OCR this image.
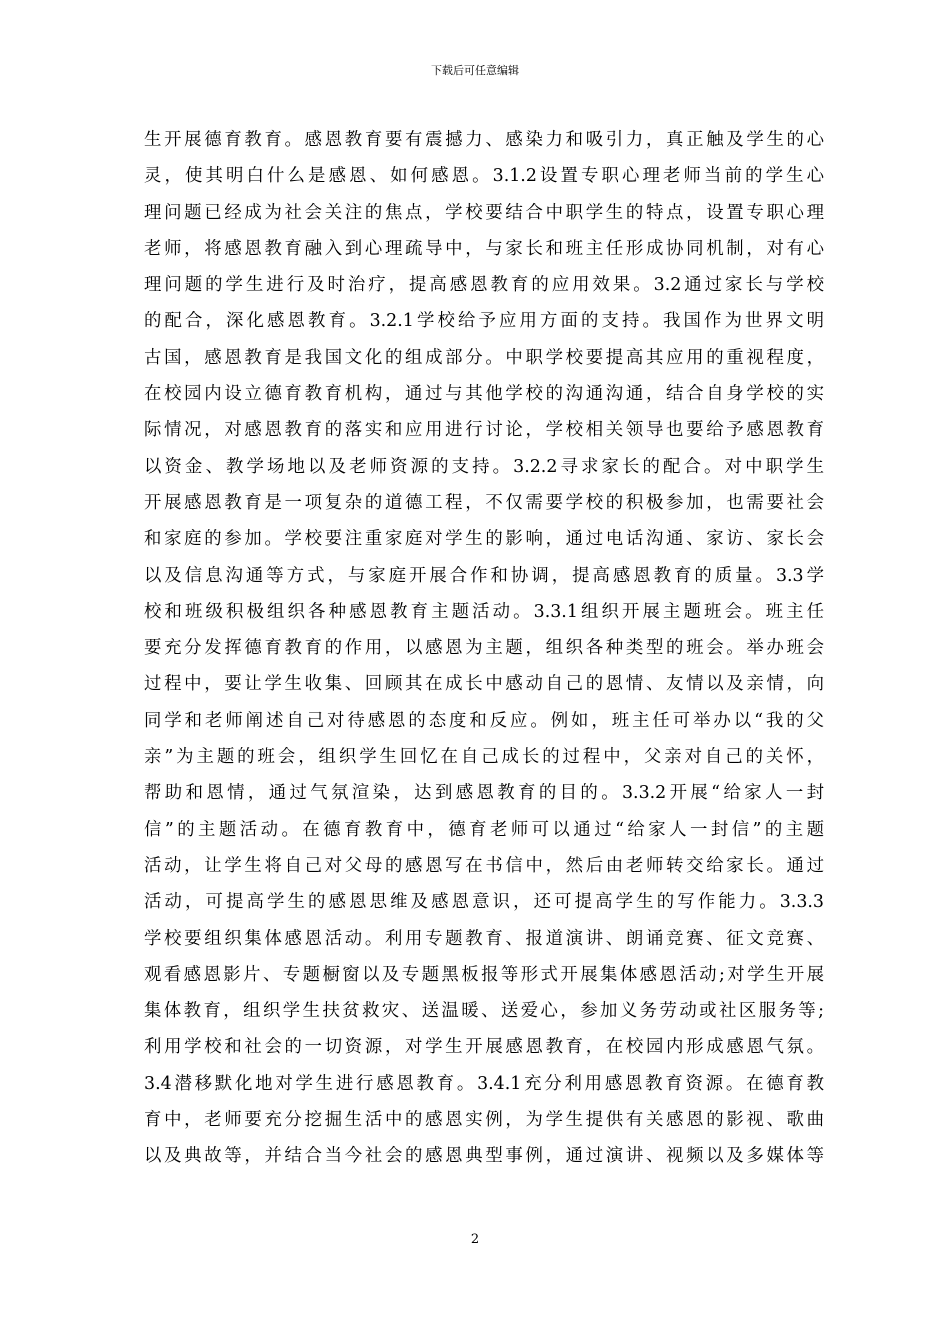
下载后可任意编辑
生开展德育教育。感恩教育要有震撼力、感染力和吸引力，真正触及学生的心
灵，使其明白什么是感恩、如何感恩。3.1.2设置专职心理老师当前的学生心
理问题已经成为社会关注的焦点，学校要结合中职学生的特点，设置专职心理
老师，将感恩教育融入到心理疏导中，与家长和班主任形成协同机制，对有心
理问题的学生进行及时治疗，提高感恩教育的应用效果。3.2通过家长与学校
的配合，深化感恩教育。3.2.1学校给予应用方面的支持。我国作为世界文明
古国，感恩教育是我国文化的组成部分。中职学校要提高其应用的重视程度，
在校园内设立德育教育机构，通过与其他学校的沟通沟通，结合自身学校的实
际情况，对感恩教育的落实和应用进行讨论，学校相关领导也要给予感恩教育
以资金、教学场地以及老师资源的支持。3.2.2寻求家长的配合。对中职学生
开展感恩教育是一项复杂的道德工程，不仅需要学校的积极参加，也需要社会
和家庭的参加。学校要注重家庭对学生的影响，通过电话沟通、家访、家长会
以及信息沟通等方式，与家庭开展合作和协调，提高感恩教育的质量。3.3学
校和班级积极组织各种感恩教育主题活动。3.3.1组织开展主题班会。班主任
要充分发挥德育教育的作用，以感恩为主题，组织各种类型的班会。举办班会
过程中，要让学生收集、回顾其在成长中感动自己的恩情、友情以及亲情，向
同学和老师阐述自己对待感恩的态度和反应。例如，班主任可举办以“我的父
亲”为主题的班会，组织学生回忆在自己成长的过程中，父亲对自己的关怀，
帮助和恩情，通过气氛渲染，达到感恩教育的目的。3.3.2开展“给家人一封
信”的主题活动。在德育教育中，德育老师可以通过“给家人一封信”的主题
活动，让学生将自己对父母的感恩写在书信中，然后由老师转交给家长。通过
活动，可提高学生的感恩思维及感恩意识，还可提高学生的写作能力。3.3.3
学校要组织集体感恩活动。利用专题教育、报道演讲、朗诵竞赛、征文竞赛、
观看感恩影片、专题橱窗以及专题黑板报等形式开展集体感恩活动;对学生开展
集体教育，组织学生扶贫救灾、送温暖、送爱心，参加义务劳动或社区服务等;
利用学校和社会的一切资源，对学生开展感恩教育，在校园内形成感恩气氛。
3.4潜移默化地对学生进行感恩教育。3.4.1充分利用感恩教育资源。在德育教
育中，老师要充分挖掘生活中的感恩实例，为学生提供有关感恩的影视、歌曲
以及典故等，并结合当今社会的感恩典型事例，通过演讲、视频以及多媒体等
2
